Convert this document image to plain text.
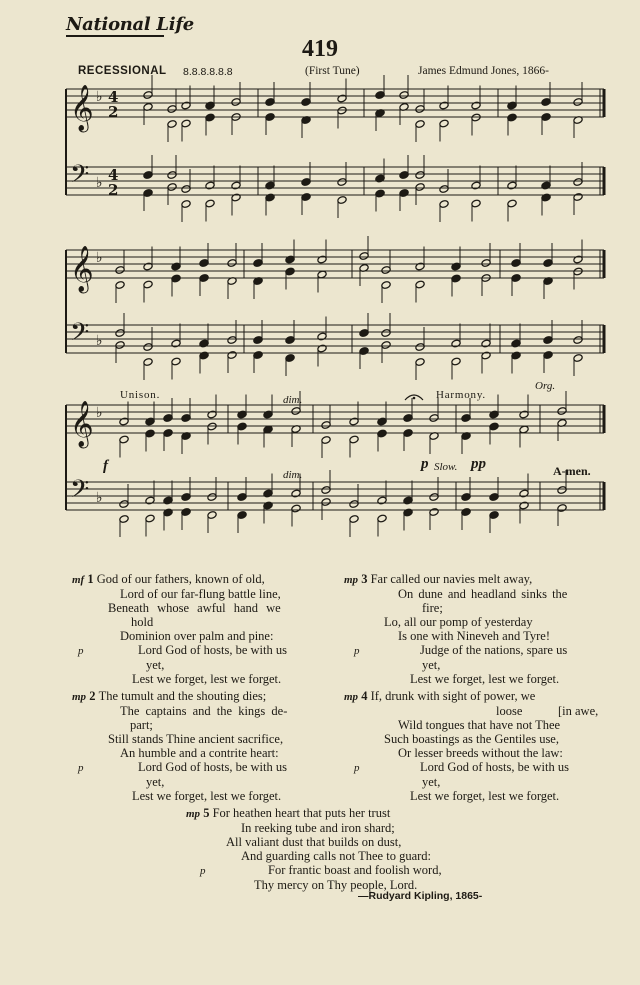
National Life
419
RECESSIONAL 8.8.8.8.8.8	(First Tune)	James Edmund Jones, 1866-
𝄞 ♭
𝄢 ♭
4
2
4
2
𝄞 ♭
𝄢 ♭
𝄞 ♭
𝄢 ♭
Unison.	Harmony.
Org.
dim.
dim.
f	p Slow. pp	A-men.
mf 1 God of our fathers, known of old,
Lord of our far-flung battle line,
Beneath whose awful hand we
hold
Dominion over palm and pine:
p	Lord God of hosts, be with us
yet,
Lest we forget, lest we forget.
mp 2 The tumult and the shouting dies;
The captains and the kings de-
part;
Still stands Thine ancient sacrifice,
An humble and a contrite heart:
p	Lord God of hosts, be with us
yet,
Lest we forget, lest we forget.
mp 3 Far called our navies melt away,
On dune and headland sinks the
fire;
Lo, all our pomp of yesterday
Is one with Nineveh and Tyre!
p	Judge of the nations, spare us
yet,
Lest we forget, lest we forget.
mp 4 If, drunk with sight of power, we
loose	[in awe,
Wild tongues that have not Thee
Such boastings as the Gentiles use,
Or lesser breeds without the law:
p	Lord God of hosts, be with us
yet,
Lest we forget, lest we forget.
mp 5 For heathen heart that puts her trust
In reeking tube and iron shard;
All valiant dust that builds on dust,
And guarding calls not Thee to guard:
p	For frantic boast and foolish word,
Thy mercy on Thy people, Lord.
—Rudyard Kipling, 1865-
